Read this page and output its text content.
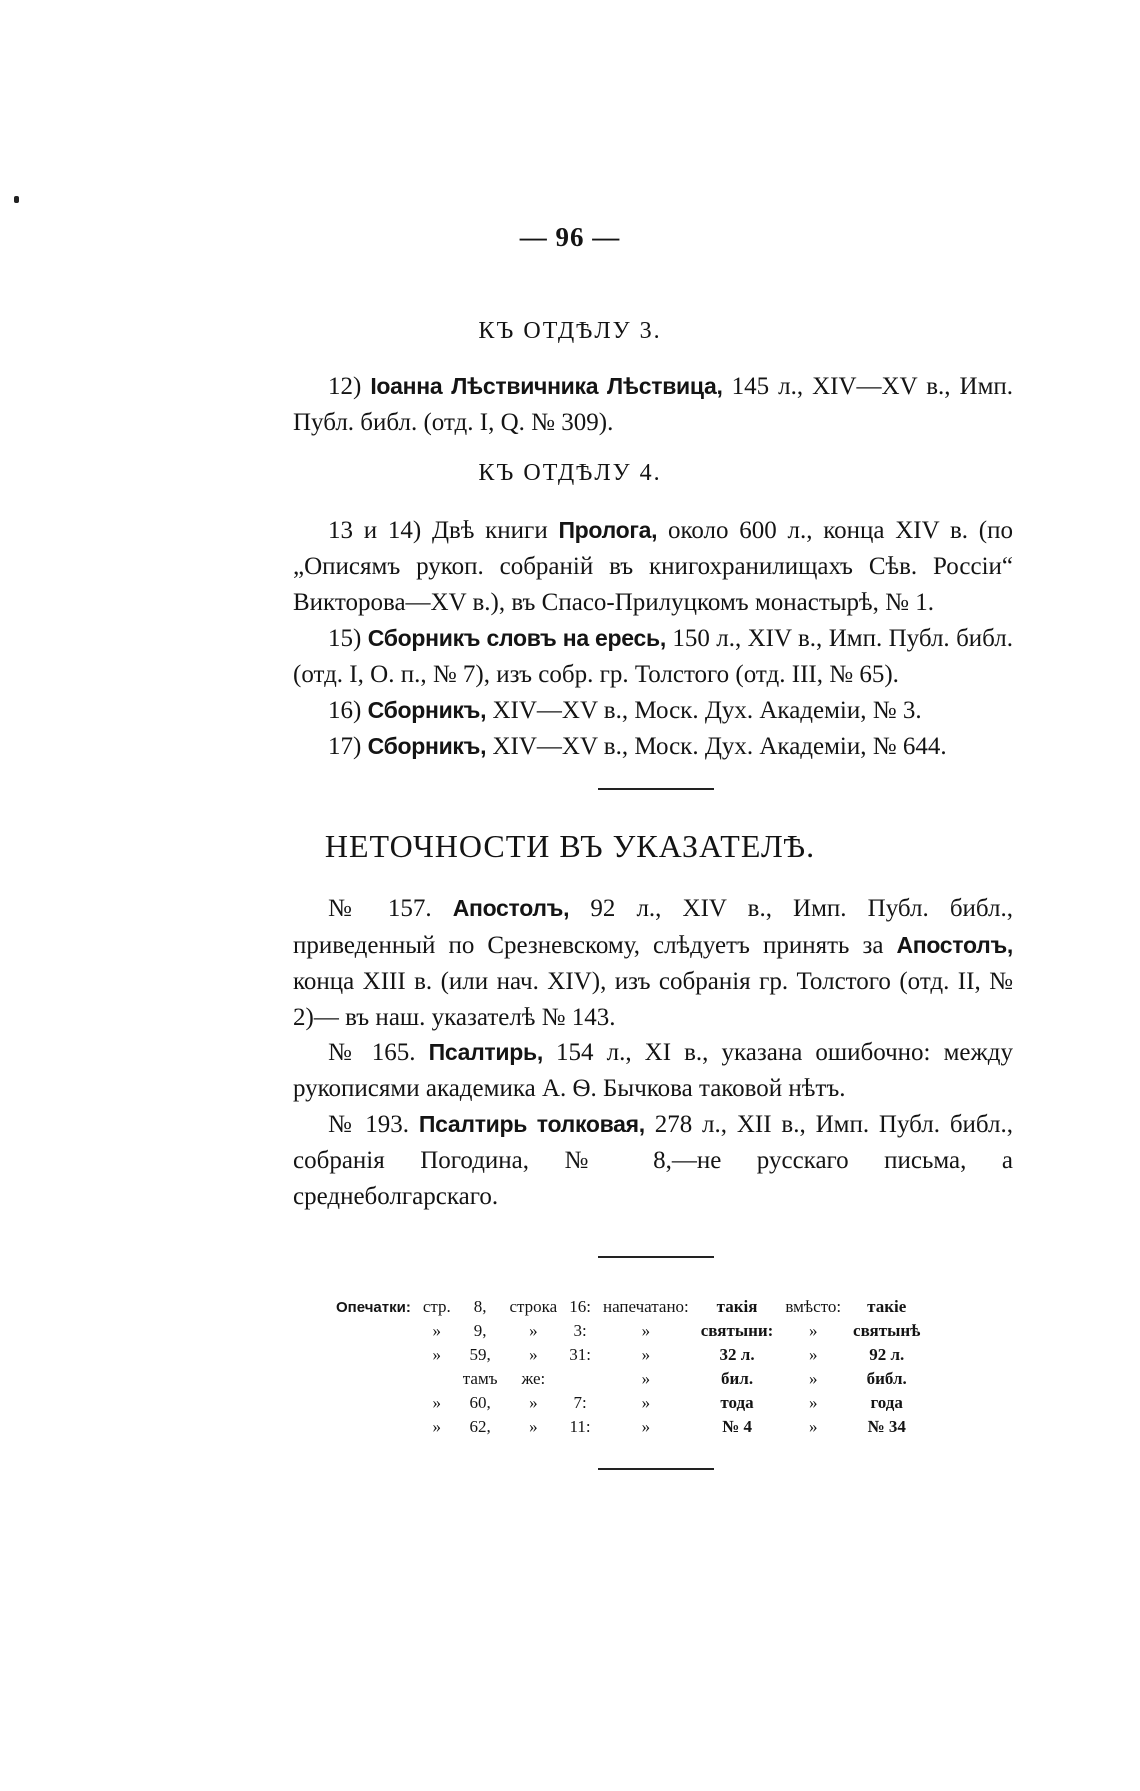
— 96 —
КЪ ОТДѢЛУ 3.

12) Іоанна Лѣствичника Лѣствица, 145 л., XIV—XV в., Имп. Публ. библ. (отд. I, Q. № 309).

КЪ ОТДѢЛУ 4.

13 и 14) Двѣ книги Пролога, около 600 л., конца XIV в. (по „Описямъ рукоп. собраній въ книгохранилищахъ Сѣв. Россіи“ Викторова—XV в.), въ Спасо-Прилуцкомъ монастырѣ, № 1.

15) Сборникъ словъ на ересь, 150 л., XIV в., Имп. Публ. библ. (отд. I, О. п., № 7), изъ собр. гр. Толстого (отд. III, № 65).

16) Сборникъ, XIV—XV в., Моск. Дух. Академіи, № 3.

17) Сборникъ, XIV—XV в., Моск. Дух. Академіи, № 644.

НЕТОЧНОСТИ ВЪ УКАЗАТЕЛѢ.

№ 157. Апостолъ, 92 л., XIV в., Имп. Публ. библ., приведенный по Срезневскому, слѣдуетъ принять за Апостолъ, конца XIII в. (или нач. XIV), изъ собранія гр. Толстого (отд. II, № 2)— въ наш. указателѣ № 143.

№ 165. Псалтирь, 154 л., XI в., указана ошибочно: между рукописями академика А. Ѳ. Бычкова таковой нѣтъ.

№ 193. Псалтирь толковая, 278 л., XII в., Имп. Публ. библ., собранія Погодина, № 8,—не русскаго письма, а среднеболгарскаго.

Опечатки:	стр.	8,	строка	16:	напечатано:	такія	вмѣсто:	такіе
	»	9,	»	3:	»	святыни:	»	святынѣ
	»	59,	»	31:	»	32 л.	»	92 л.
		тамъ	же:		»	бил.	»	библ.
	»	60,	»	7:	»	тода	»	года
	»	62,	»	11:	»	№ 4	»	№ 34
